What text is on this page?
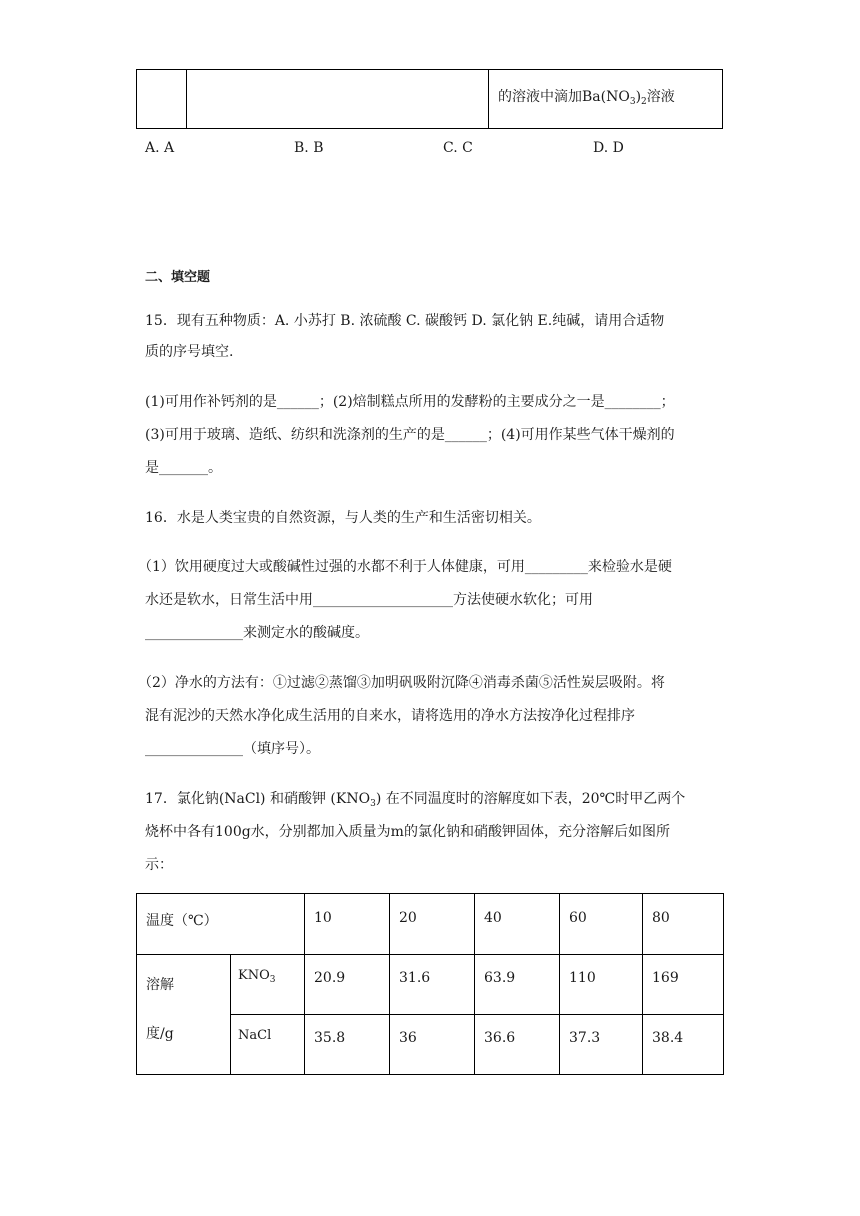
的溶液中滴加$Ba(NO_3)_2$溶液
A. A	B. B	C. C	D. D
二、填空题
15．现有五种物质：A. 小苏打 B. 浓硫酸 C. 碳酸钙 D. 氯化钠 E.纯碱，请用合适物
质的序号填空.
(1)可用作补钙剂的是______；(2)焙制糕点所用的发酵粉的主要成分之一是________；
(3)可用于玻璃、造纸、纺织和洗涤剂的生产的是______；(4)可用作某些气体干燥剂的
是_______。
16．水是人类宝贵的自然资源，与人类的生产和生活密切相关。
（1）饮用硬度过大或酸碱性过强的水都不利于人体健康，可用_________来检验水是硬
水还是软水，日常生活中用____________________方法使硬水软化；可用
______________来测定水的酸碱度。
（2）净水的方法有：①过滤②蒸馏③加明矾吸附沉降④消毒杀菌⑤活性炭层吸附。将
混有泥沙的天然水净化成生活用的自来水，请将选用的净水方法按净化过程排序
______________（填序号）。
17．氯化钠(NaCl) 和硝酸钾 $(KNO_3)$ 在不同温度时的溶解度如下表，20℃时甲乙两个
烧杯中各有100g水，分别都加入质量为m的氯化钠和硝酸钾固体，充分溶解后如图所
示：
温度（℃）	10	20	40	60	80
溶解
度/g
$KNO_3$	20.9	31.6	63.9	110	169
NaCl	35.8	36	36.6	37.3	38.4
